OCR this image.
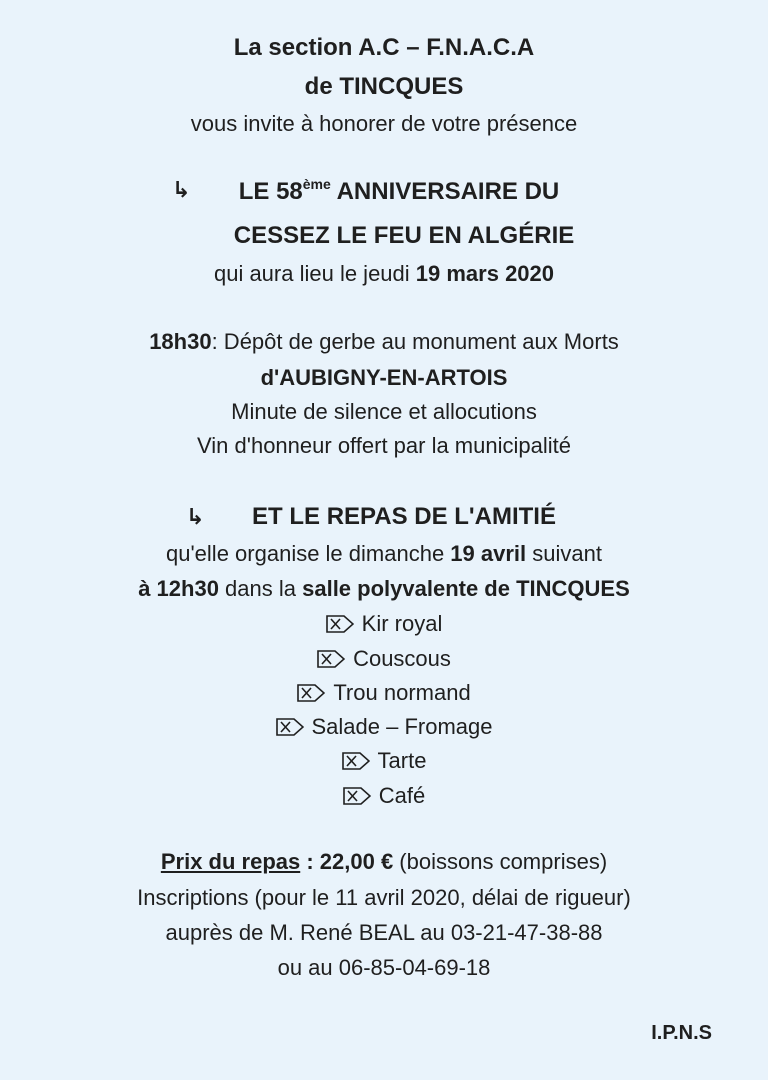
La section A.C – F.N.A.C.A
de TINCQUES
vous invite à honorer de votre présence
↳	LE 58ème ANNIVERSAIRE DU
CESSEZ LE FEU EN ALGÉRIE
qui aura lieu le jeudi 19 mars 2020
18h30: Dépôt de gerbe au monument aux Morts
d'AUBIGNY-EN-ARTOIS
Minute de silence et allocutions
Vin d'honneur offert par la municipalité
↳	ET LE REPAS DE L'AMITIÉ
qu'elle organise le dimanche 19 avril suivant
à 12h30 dans la salle polyvalente de TINCQUES
Kir royal
Couscous
Trou normand
Salade – Fromage
Tarte
Café
Prix du repas : 22,00 € (boissons comprises)
Inscriptions (pour le 11 avril 2020, délai de rigueur)
auprès de M. René BEAL au 03-21-47-38-88
ou au 06-85-04-69-18
I.P.N.S
